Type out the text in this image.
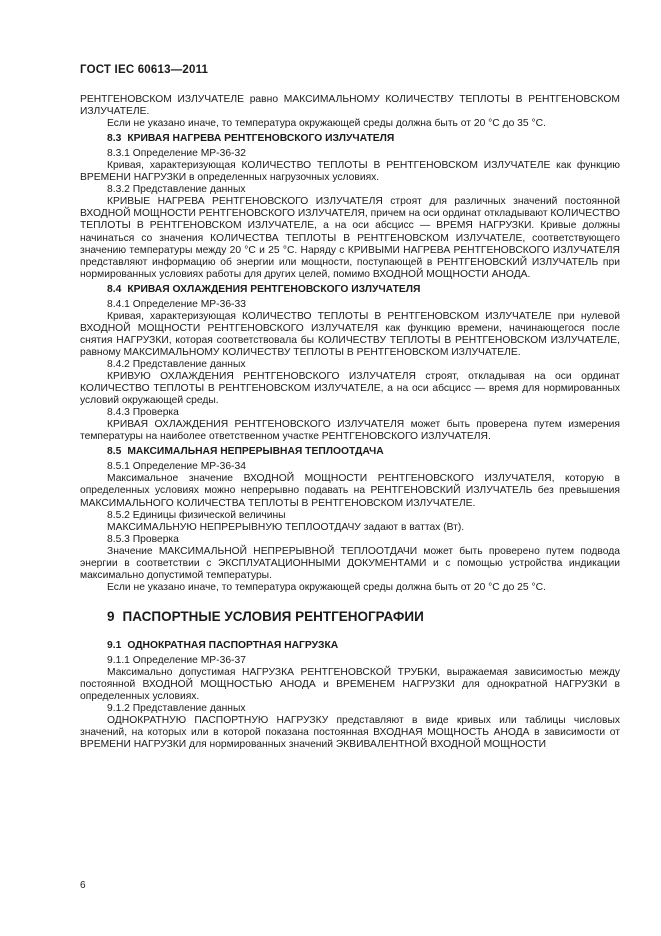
ГОСТ IEC 60613—2011
РЕНТГЕНОВСКОМ ИЗЛУЧАТЕЛЕ равно МАКСИМАЛЬНОМУ КОЛИЧЕСТВУ ТЕПЛОТЫ В РЕНТГЕНОВСКОМ ИЗЛУЧАТЕЛЕ.
Если не указано иначе, то температура окружающей среды должна быть от 20 °С до 35 °С.
8.3 КРИВАЯ НАГРЕВА РЕНТГЕНОВСКОГО ИЗЛУЧАТЕЛЯ
8.3.1 Определение МР-36-32
Кривая, характеризующая КОЛИЧЕСТВО ТЕПЛОТЫ В РЕНТГЕНОВСКОМ ИЗЛУЧАТЕЛЕ как функцию ВРЕМЕНИ НАГРУЗКИ в определенных нагрузочных условиях.
8.3.2 Представление данных
КРИВЫЕ НАГРЕВА РЕНТГЕНОВСКОГО ИЗЛУЧАТЕЛЯ строят для различных значений постоянной ВХОДНОЙ МОЩНОСТИ РЕНТГЕНОВСКОГО ИЗЛУЧАТЕЛЯ, причем на оси ординат откладывают КОЛИЧЕСТВО ТЕПЛОТЫ В РЕНТГЕНОВСКОМ ИЗЛУЧАТЕЛЕ, а на оси абсцисс — ВРЕМЯ НАГРУЗКИ. Кривые должны начинаться со значения КОЛИЧЕСТВА ТЕПЛОТЫ В РЕНТГЕНОВСКОМ ИЗЛУЧАТЕЛЕ, соответствующего значению температуры между 20 °С и 25 °С. Наряду с КРИВЫМИ НАГРЕВА РЕНТГЕНОВСКОГО ИЗЛУЧАТЕЛЯ представляют информацию об энергии или мощности, поступающей в РЕНТГЕНОВСКИЙ ИЗЛУЧАТЕЛЬ при нормированных условиях работы для других целей, помимо ВХОДНОЙ МОЩНОСТИ АНОДА.
8.4 КРИВАЯ ОХЛАЖДЕНИЯ РЕНТГЕНОВСКОГО ИЗЛУЧАТЕЛЯ
8.4.1 Определение МР-36-33
Кривая, характеризующая КОЛИЧЕСТВО ТЕПЛОТЫ В РЕНТГЕНОВСКОМ ИЗЛУЧАТЕЛЕ при нулевой ВХОДНОЙ МОЩНОСТИ РЕНТГЕНОВСКОГО ИЗЛУЧАТЕЛЯ как функцию времени, начинающегося после снятия НАГРУЗКИ, которая соответствовала бы КОЛИЧЕСТВУ ТЕПЛОТЫ В РЕНТГЕНОВСКОМ ИЗЛУЧАТЕЛЕ, равному МАКСИМАЛЬНОМУ КОЛИЧЕСТВУ ТЕПЛОТЫ В РЕНТГЕНОВСКОМ ИЗЛУЧАТЕЛЕ.
8.4.2 Представление данных
КРИВУЮ ОХЛАЖДЕНИЯ РЕНТГЕНОВСКОГО ИЗЛУЧАТЕЛЯ строят, откладывая на оси ординат КОЛИЧЕСТВО ТЕПЛОТЫ В РЕНТГЕНОВСКОМ ИЗЛУЧАТЕЛЕ, а на оси абсцисс — время для нормированных условий окружающей среды.
8.4.3 Проверка
КРИВАЯ ОХЛАЖДЕНИЯ РЕНТГЕНОВСКОГО ИЗЛУЧАТЕЛЯ может быть проверена путем измерения температуры на наиболее ответственном участке РЕНТГЕНОВСКОГО ИЗЛУЧАТЕЛЯ.
8.5 МАКСИМАЛЬНАЯ НЕПРЕРЫВНАЯ ТЕПЛООТДАЧА
8.5.1 Определение МР-36-34
Максимальное значение ВХОДНОЙ МОЩНОСТИ РЕНТГЕНОВСКОГО ИЗЛУЧАТЕЛЯ, которую в определенных условиях можно непрерывно подавать на РЕНТГЕНОВСКИЙ ИЗЛУЧАТЕЛЬ без превышения МАКСИМАЛЬНОГО КОЛИЧЕСТВА ТЕПЛОТЫ В РЕНТГЕНОВСКОМ ИЗЛУЧАТЕЛЕ.
8.5.2 Единицы физической величины
МАКСИМАЛЬНУЮ НЕПРЕРЫВНУЮ ТЕПЛООТДАЧУ задают в ваттах (Вт).
8.5.3 Проверка
Значение МАКСИМАЛЬНОЙ НЕПРЕРЫВНОЙ ТЕПЛООТДАЧИ может быть проверено путем подвода энергии в соответствии с ЭКСПЛУАТАЦИОННЫМИ ДОКУМЕНТАМИ и с помощью устройства индикации максимально допустимой температуры.
Если не указано иначе, то температура окружающей среды должна быть от 20 °С до 25 °С.
9 ПАСПОРТНЫЕ УСЛОВИЯ РЕНТГЕНОГРАФИИ
9.1 ОДНОКРАТНАЯ ПАСПОРТНАЯ НАГРУЗКА
9.1.1 Определение МР-36-37
Максимально допустимая НАГРУЗКА РЕНТГЕНОВСКОЙ ТРУБКИ, выражаемая зависимостью между постоянной ВХОДНОЙ МОЩНОСТЬЮ АНОДА и ВРЕМЕНЕМ НАГРУЗКИ для однократной НАГРУЗКИ в определенных условиях.
9.1.2 Представление данных
ОДНОКРАТНУЮ ПАСПОРТНУЮ НАГРУЗКУ представляют в виде кривых или таблицы числовых значений, на которых или в которой показана постоянная ВХОДНАЯ МОЩНОСТЬ АНОДА в зависимости от ВРЕМЕНИ НАГРУЗКИ для нормированных значений ЭКВИВАЛЕНТНОЙ ВХОДНОЙ МОЩНОСТИ
6
